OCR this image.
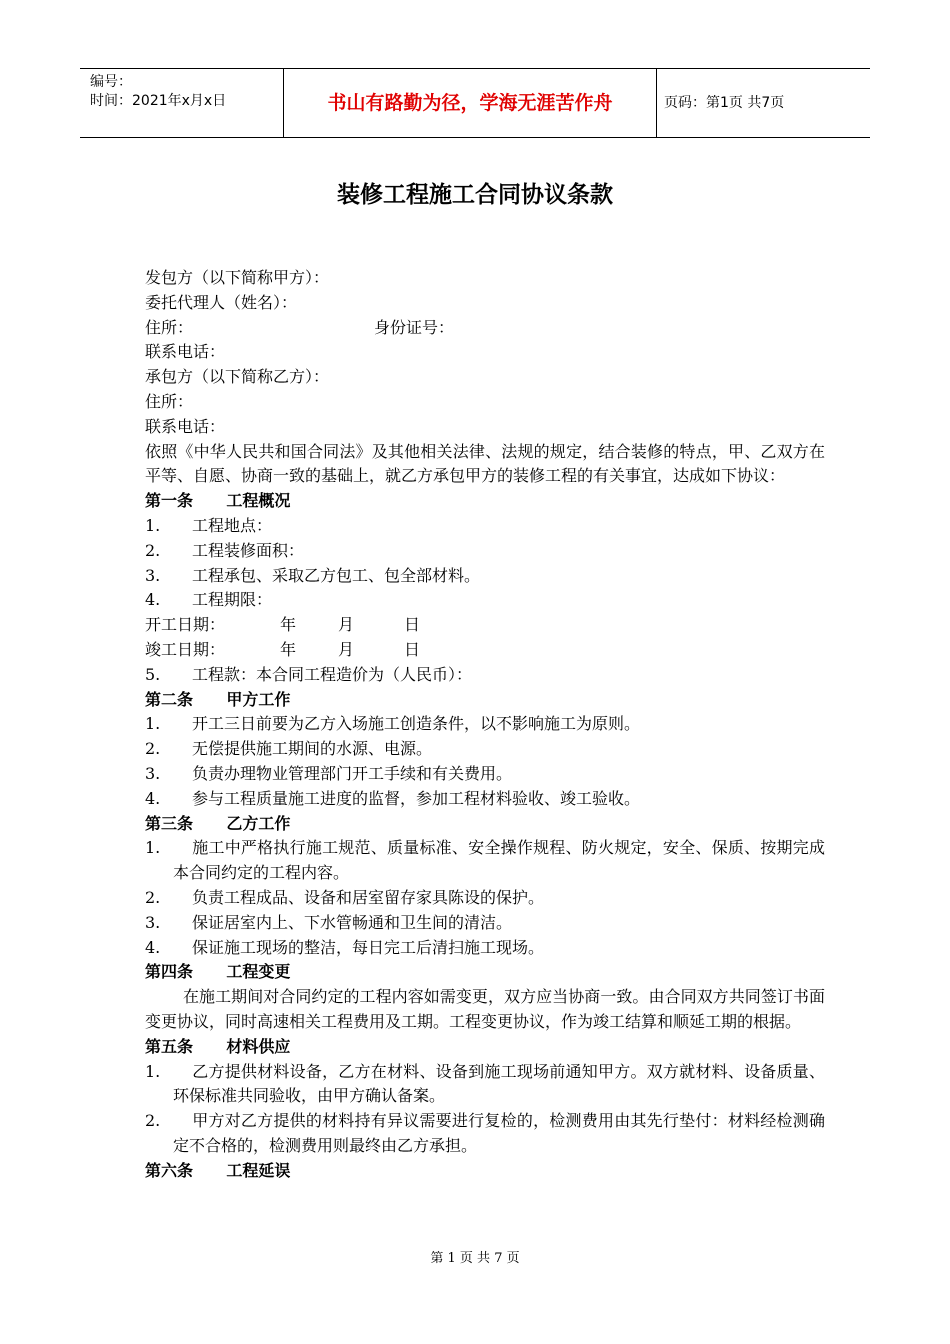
编号：
时间：2021年x月x日	书山有路勤为径，学海无涯苦作舟	页码：第1页 共7页
装修工程施工合同协议条款
发包方（以下简称甲方）：
委托代理人（姓名）：
住所：	身份证号：
联系电话：
承包方（以下简称乙方）：
住所：
联系电话：
依照《中华人民共和国合同法》及其他相关法律、法规的规定，结合装修的特点，甲、乙双方在平等、自愿、协商一致的基础上，就乙方承包甲方的装修工程的有关事宜，达成如下协议：
第一条      工程概况
1.	工程地点：
2.	工程装修面积：
3.	工程承包、采取乙方包工、包全部材料。
4.	工程期限：
开工日期：	年	月	日
竣工日期：	年	月	日
5.	工程款：本合同工程造价为（人民币）：
第二条      甲方工作
1.	开工三日前要为乙方入场施工创造条件，以不影响施工为原则。
2.	无偿提供施工期间的水源、电源。
3.	负责办理物业管理部门开工手续和有关费用。
4.	参与工程质量施工进度的监督，参加工程材料验收、竣工验收。
第三条      乙方工作
1. 施工中严格执行施工规范、质量标准、安全操作规程、防火规定，安全、保质、按期完成本合同约定的工程内容。
2.	负责工程成品、设备和居室留存家具陈设的保护。
3.	保证居室内上、下水管畅通和卫生间的清洁。
4.	保证施工现场的整洁，每日完工后清扫施工现场。
第四条      工程变更
在施工期间对合同约定的工程内容如需变更，双方应当协商一致。由合同双方共同签订书面变更协议，同时高速相关工程费用及工期。工程变更协议，作为竣工结算和顺延工期的根据。
第五条      材料供应
1. 乙方提供材料设备，乙方在材料、设备到施工现场前通知甲方。双方就材料、设备质量、环保标准共同验收，由甲方确认备案。
2. 甲方对乙方提供的材料持有异议需要进行复检的，检测费用由其先行垫付：材料经检测确定不合格的，检测费用则最终由乙方承担。
第六条      工程延误
第 1 页 共 7 页
